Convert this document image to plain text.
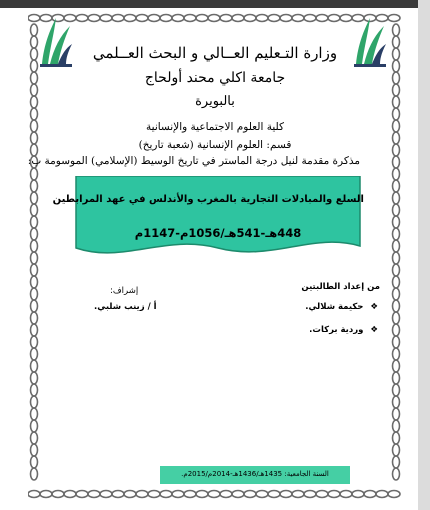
وزارة التـعليم العــالي و البحث العــلمي
جامعة اكلي محند أولحاج
بالبويرة
كلية العلوم الاجتماعية والإنسانية
قسم: العلوم الإنسانية (شعبة تاريخ)
مذكرة مقدمة لنيل درجة الماستر في تاريخ الوسيط (الإسلامي) الموسومة ب:
السلع والمبادلات التجارية بالمغرب والأندلس في عهد المرابطين
448هـ-541هـ/1056م-1147م
من إعداد الطالبتين
إشراف:
❖ حكيمة شلالي.
أ / زينب شلبي.
❖ وردية بركات.
السنة الجامعية: 1435هـ/1436هـ-2014م/2015م.
